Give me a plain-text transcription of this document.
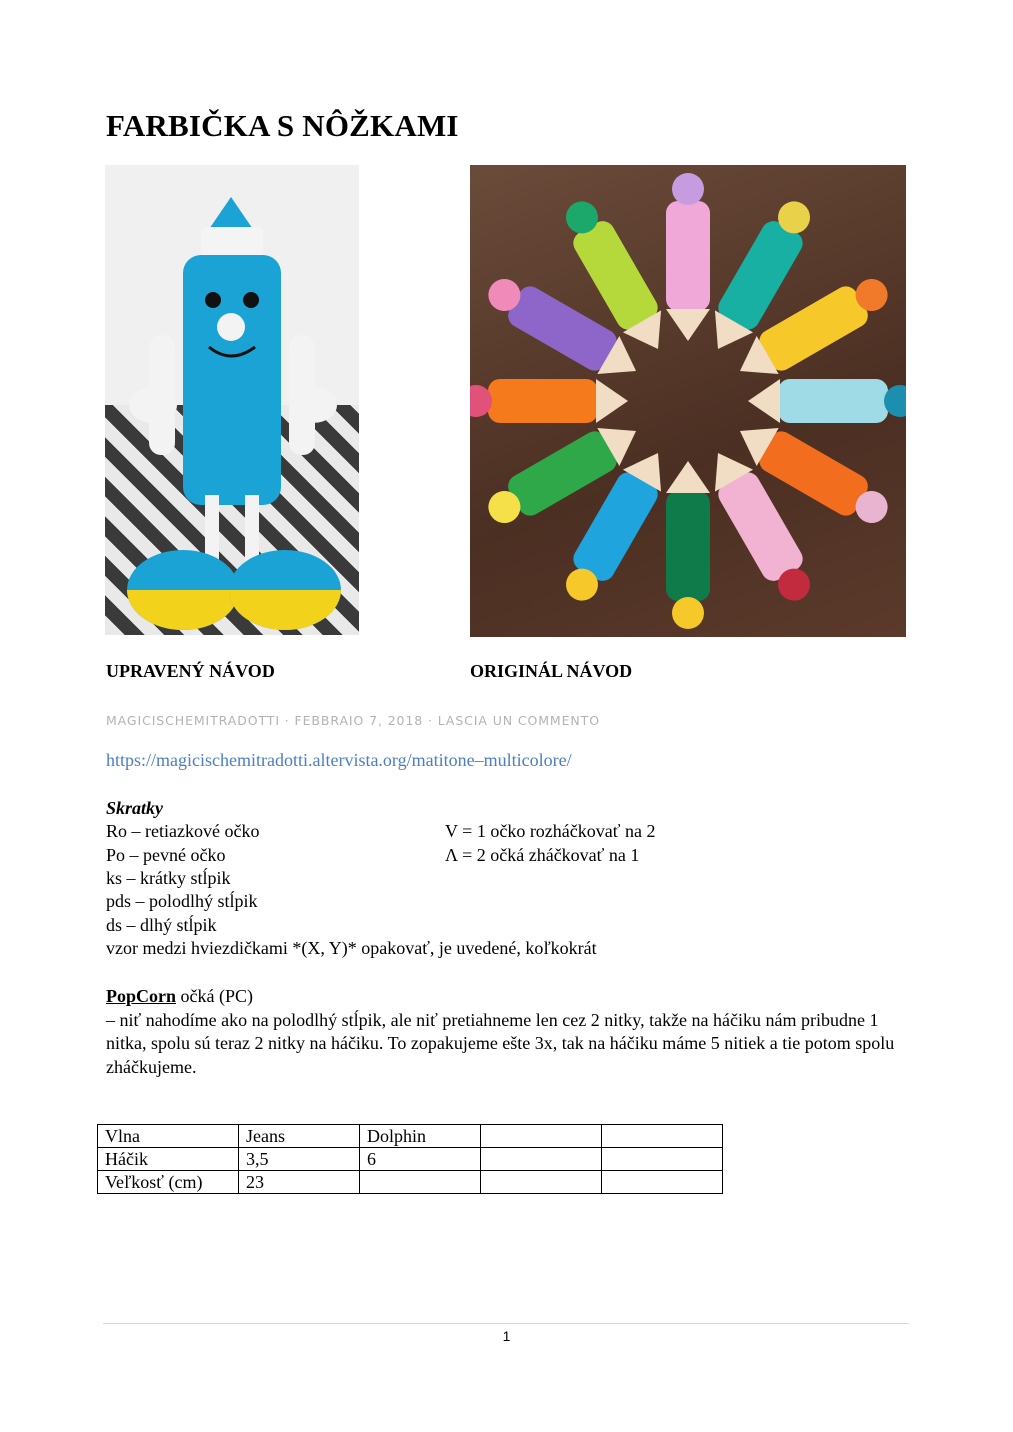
FARBIČKA S NÔŽKAMI
UPRAVENÝ NÁVOD	ORIGINÁL NÁVOD
MAGICISCHEMITRADOTTI · FEBBRAIO 7, 2018 · LASCIA UN COMMENTO
https://magicischemitradotti.altervista.org/matitone–multicolore/
Skratky
Ro – retiazkové očko
Po – pevné očko
ks – krátky stĺpik
pds – polodlhý stĺpik
ds – dlhý stĺpik
vzor medzi hviezdičkami *(X, Y)* opakovať, je uvedené, koľkokrát
V = 1 očko rozháčkovať na 2
Λ = 2 očká zháčkovať na 1
PopCorn očká (PC)
– niť nahodíme ako na polodlhý stĺpik, ale niť pretiahneme len cez 2 nitky, takže na háčiku nám pribudne 1 nitka, spolu sú teraz 2 nitky na háčiku. To zopakujeme ešte 3x, tak na háčiku máme 5 nitiek a tie potom spolu zháčkujeme.
Vlna	Jeans	Dolphin		
Háčik	3,5	6		
Veľkosť (cm)	23			
1
